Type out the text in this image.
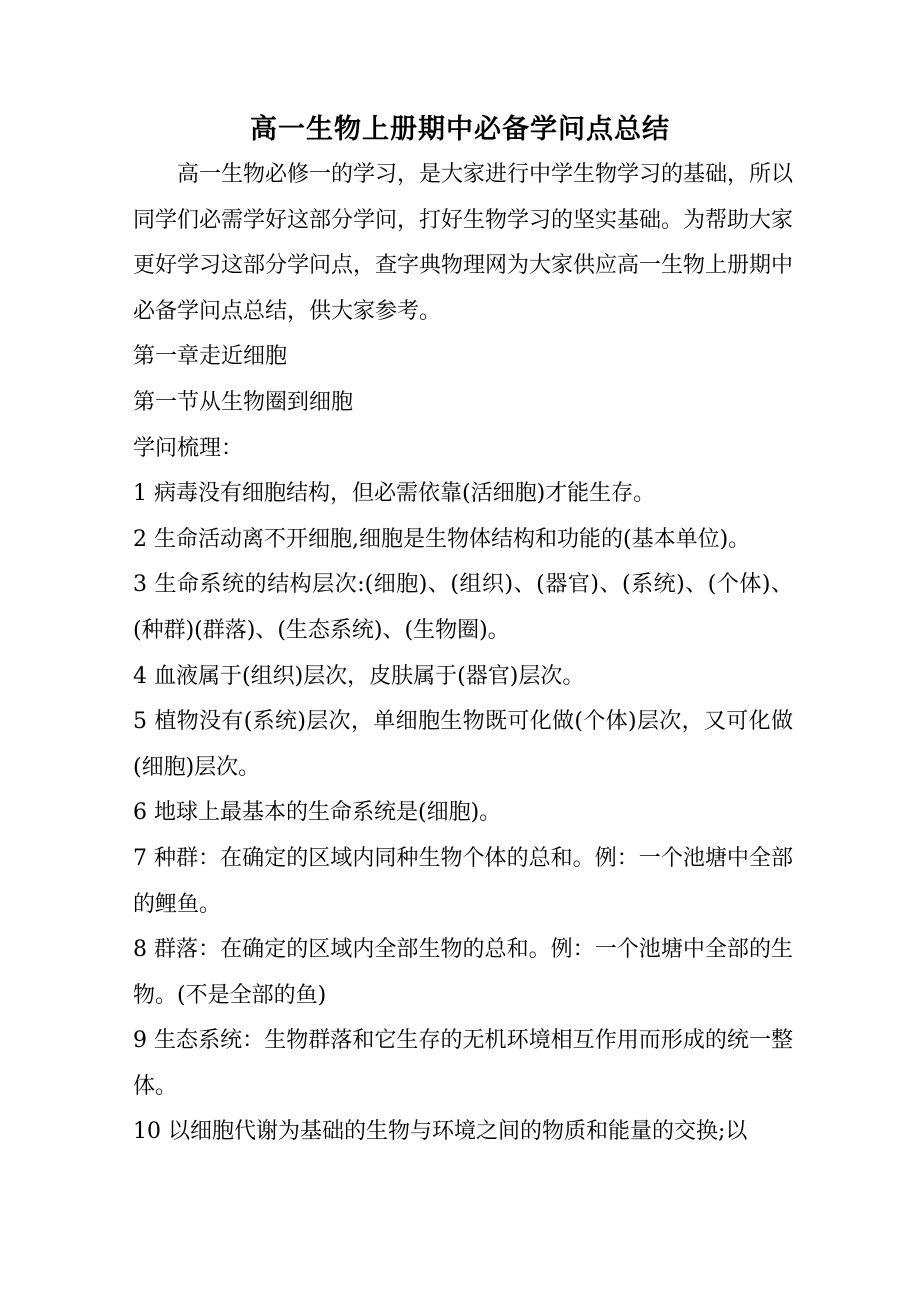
高一生物上册期中必备学问点总结

高一生物必修一的学习，是大家进行中学生物学习的基础，所以同学们必需学好这部分学问，打好生物学习的坚实基础。为帮助大家更好学习这部分学问点，查字典物理网为大家供应高一生物上册期中必备学问点总结，供大家参考。

第一章走近细胞

第一节从生物圈到细胞

学问梳理：

1 病毒没有细胞结构，但必需依靠(活细胞)才能生存。

2 生命活动离不开细胞,细胞是生物体结构和功能的(基本单位)。

3 生命系统的结构层次:(细胞)、(组织)、(器官)、(系统)、(个体)、(种群)(群落)、(生态系统)、(生物圈)。

4 血液属于(组织)层次，皮肤属于(器官)层次。

5 植物没有(系统)层次，单细胞生物既可化做(个体)层次，又可化做(细胞)层次。

6 地球上最基本的生命系统是(细胞)。

7 种群：在确定的区域内同种生物个体的总和。例：一个池塘中全部的鲤鱼。

8 群落：在确定的区域内全部生物的总和。例：一个池塘中全部的生物。(不是全部的鱼)

9 生态系统：生物群落和它生存的无机环境相互作用而形成的统一整体。

10 以细胞代谢为基础的生物与环境之间的物质和能量的交换;以
